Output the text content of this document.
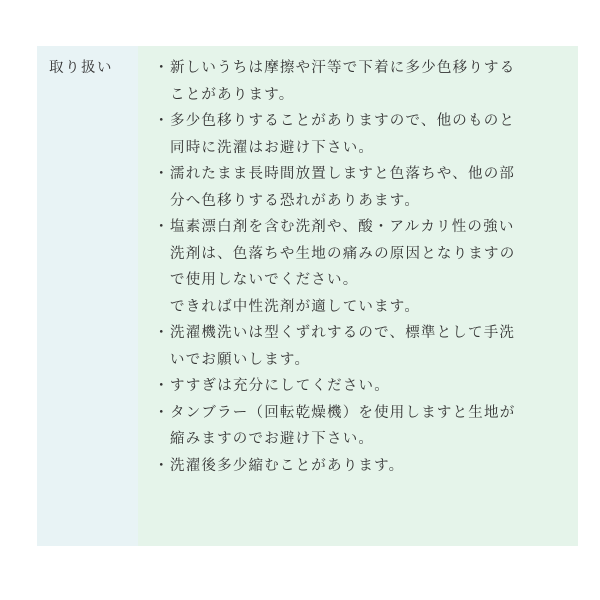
取り扱い	・ 新しいうちは摩擦や汗等で下着に多少色移りする
ことがあります。
・ 多少色移りすることがありますので、他のものと
同時に洗濯はお避け下さい。
・ 濡れたまま長時間放置しますと色落ちや、他の部
分へ色移りする恐れがありあます。
・ 塩素漂白剤を含む洗剤や、酸・アルカリ性の強い
洗剤は、色落ちや生地の痛みの原因となりますの
で使用しないでください。
できれば中性洗剤が適しています。
・ 洗濯機洗いは型くずれするので、標準として手洗
いでお願いします。
・ すすぎは充分にしてください。
・ タンブラー（回転乾燥機）を使用しますと生地が
縮みますのでお避け下さい。
・ 洗濯後多少縮むことがあります。
